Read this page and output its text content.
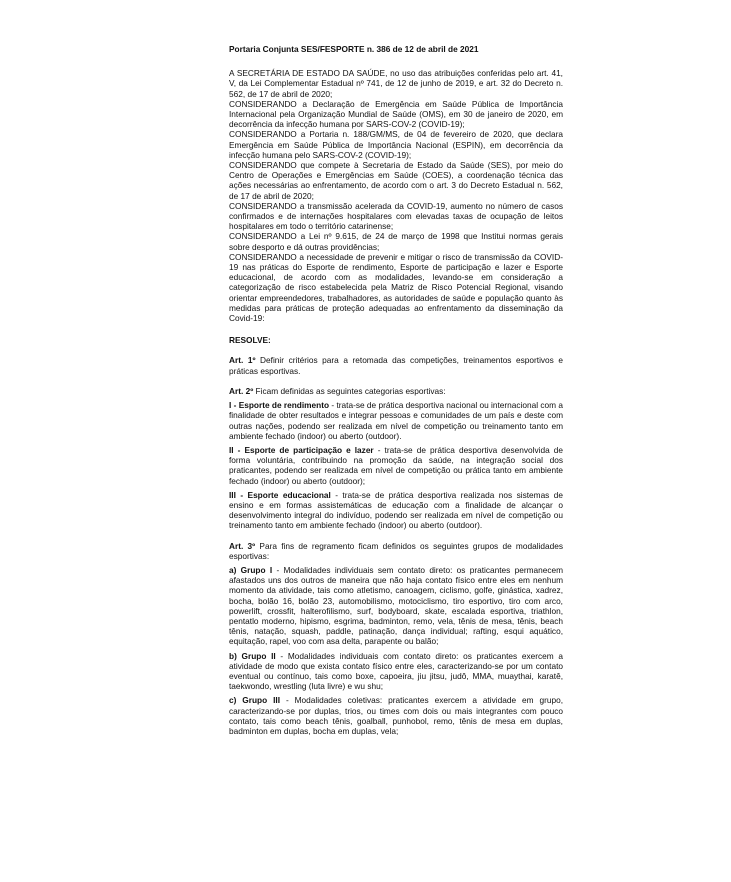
Portaria Conjunta SES/FESPORTE n. 386 de 12 de abril de 2021

A SECRETÁRIA DE ESTADO DA SAÚDE, no uso das atribuições conferidas pelo art. 41, V, da Lei Complementar Estadual nº 741, de 12 de junho de 2019, e art. 32 do Decreto n. 562, de 17 de abril de 2020;

CONSIDERANDO a Declaração de Emergência em Saúde Pública de Importância Internacional pela Organização Mundial de Saúde (OMS), em 30 de janeiro de 2020, em decorrência da infecção humana por SARS-COV-2 (COVID-19);

CONSIDERANDO a Portaria n. 188/GM/MS, de 04 de fevereiro de 2020, que declara Emergência em Saúde Pública de Importância Nacional (ESPIN), em decorrência da infecção humana pelo SARS-COV-2 (COVID-19);

CONSIDERANDO que compete à Secretaria de Estado da Saúde (SES), por meio do Centro de Operações e Emergências em Saúde (COES), a coordenação técnica das ações necessárias ao enfrentamento, de acordo com o art. 3 do Decreto Estadual n. 562, de 17 de abril de 2020;

CONSIDERANDO a transmissão acelerada da COVID-19, aumento no número de casos confirmados e de internações hospitalares com elevadas taxas de ocupação de leitos hospitalares em todo o território catarinense;

CONSIDERANDO a Lei nº 9.615, de 24 de março de 1998 que Institui normas gerais sobre desporto e dá outras providências;

CONSIDERANDO a necessidade de prevenir e mitigar o risco de transmissão da COVID-19 nas práticas do Esporte de rendimento, Esporte de participação e lazer e Esporte educacional, de acordo com as modalidades, levando-se em consideração a categorização de risco estabelecida pela Matriz de Risco Potencial Regional, visando orientar empreendedores, trabalhadores, as autoridades de saúde e população quanto às medidas para práticas de proteção adequadas ao enfrentamento da disseminação da Covid-19:

RESOLVE:

Art. 1º Definir critérios para a retomada das competições, treinamentos esportivos e práticas esportivas.

Art. 2º Ficam definidas as seguintes categorias esportivas:

I - Esporte de rendimento - trata-se de prática desportiva nacional ou internacional com a finalidade de obter resultados e integrar pessoas e comunidades de um país e deste com outras nações, podendo ser realizada em nível de competição ou treinamento tanto em ambiente fechado (indoor) ou aberto (outdoor).

II - Esporte de participação e lazer - trata-se de prática desportiva desenvolvida de forma voluntária, contribuindo na promoção da saúde, na integração social dos praticantes, podendo ser realizada em nível de competição ou prática tanto em ambiente fechado (indoor) ou aberto (outdoor);

III - Esporte educacional - trata-se de prática desportiva realizada nos sistemas de ensino e em formas assistemáticas de educação com a finalidade de alcançar o desenvolvimento integral do indivíduo, podendo ser realizada em nível de competição ou treinamento tanto em ambiente fechado (indoor) ou aberto (outdoor).

Art. 3º Para fins de regramento ficam definidos os seguintes grupos de modalidades esportivas:

a) Grupo I - Modalidades individuais sem contato direto: os praticantes permanecem afastados uns dos outros de maneira que não haja contato físico entre eles em nenhum momento da atividade, tais como atletismo, canoagem, ciclismo, golfe, ginástica, xadrez, bocha, bolão 16, bolão 23, automobilismo, motociclismo, tiro esportivo, tiro com arco, powerlift, crossfit, halterofilismo, surf, bodyboard, skate, escalada esportiva, triathlon, pentatlo moderno, hipismo, esgrima, badminton, remo, vela, tênis de mesa, tênis, beach tênis, natação, squash, paddle, patinação, dança individual; rafting, esqui aquático, equitação, rapel, voo com asa delta, parapente ou balão;

b) Grupo II - Modalidades individuais com contato direto: os praticantes exercem a atividade de modo que exista contato físico entre eles, caracterizando-se por um contato eventual ou contínuo, tais como boxe, capoeira, jiu jitsu, judô, MMA, muaythai, karatê, taekwondo, wrestling (luta livre) e wu shu;

c) Grupo III - Modalidades coletivas: praticantes exercem a atividade em grupo, caracterizando-se por duplas, trios, ou times com dois ou mais integrantes com pouco contato, tais como beach tênis, goalball, punhobol, remo, tênis de mesa em duplas, badminton em duplas, bocha em duplas, vela;
